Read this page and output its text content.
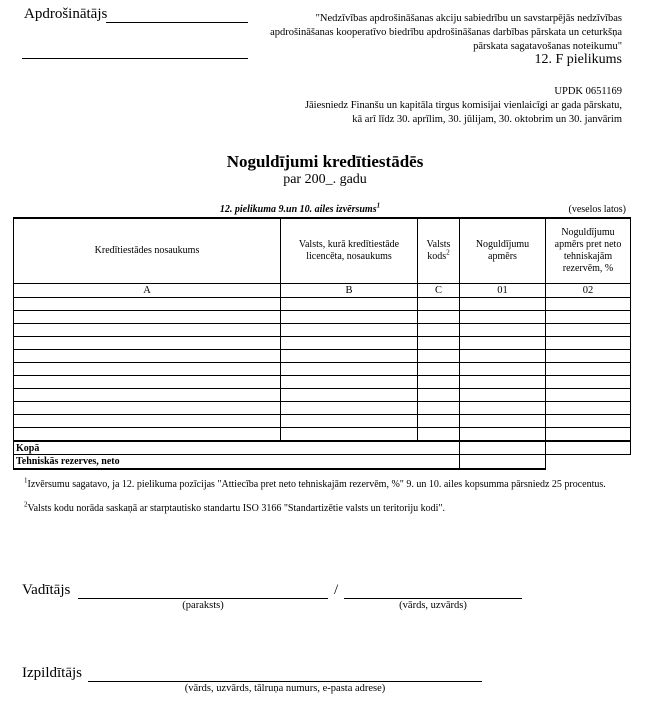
Apdrošinātājs	"Nedzīvības apdrošināšanas akciju sabiedrību un savstarpējās nedzīvības apdrošināšanas kooperatīvo biedrību apdrošināšanas darbības pārskata un ceturkšņa pārskata sagatavošanas noteikumu"
12. F pielikums
UPDK 0651169
Jāiesniedz Finanšu un kapitāla tirgus komisijai vienlaicīgi ar gada pārskatu,
kā arī līdz 30. aprīlim, 30. jūlijam, 30. oktobrim un 30. janvārim
Noguldījumi kredītiestādēs
par 200_. gadu
12. pielikuma 9.un 10. ailes izvērsums$^1$	(veselos latos)
Kredītiestādes nosaukums	Valsts, kurā kredītiestāde licencēta, nosaukums	Valsts kods$^2$	Noguldījumu apmērs	Noguldījumu apmērs pret neto tehniskajām rezervēm, %
A	B	C	01	02

Kopā				
Tehniskās rezerves, neto				
$^1$Izvērsumu sagatavo, ja 12. pielikuma pozīcijas "Attiecība pret neto tehniskajām rezervēm, %" 9. un 10. ailes kopsumma pārsniedz 25 procentus.
$^2$Valsts kodu norāda saskaņā ar starptautisko standartu ISO 3166 "Standartizētie valsts un teritoriju kodi".
Vadītājs	/
(paraksts)	(vārds, uzvārds)
Izpildītājs
(vārds, uzvārds, tālruņa numurs, e-pasta adrese)
